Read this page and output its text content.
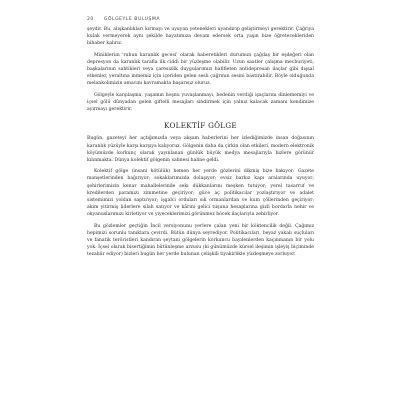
20 GÖLGEYLE BULUŞMA

şeydir. Bu, alışkanlıkları kırmayı ve uyuyan yetenekleri uyandırıp geliştirmeyi gerektirir. Çağrıya kulak vermeyerek aynı şekilde hayatımıza devam edersek orta yaşın bize öğretecekleriden bihaber kalırız.

Minikleriın 'ruhun karanlık gecesi' olarak haberetikleri durumun çağdaş bir eşdeğeri olan depresyon da karanlık tarafla ilk ciddi bir yüzleşme olabilir. Uzun saatler çalışma mecburiyeti, başkalarının sahtikleri veya çaresizlik duygularımızı hafifleten antidepresan ilaçlar gibi dışsal etkenler, yeraltına inmemiz için içeriden gelen sesli çağrının sesini bastırabilir. Böyle olduğunda melankolimizin amacını kavramakta başarısız oluruz.

Gölgeyle karşılaşma, yaşamın hoşnu yuvaşlanmayı, bedenin verdiği işaçlarını dinlememiyi ve içsel gölü dünyadan gelen giftelli mesajları sindirmek için yalnız kalacak zamanı kendimize ayırmayı gerektirir.

KOLEKTİF GÖLGE

Bugün, gazeteyi her açtığımızda veya akşam haberlerini her izlediğimizde insan doğasının karanlık yüzüyle karşı karşıya kalıyoruz. Gölgenin daha da çirkin olan etkileri, modern elektronik köyümüzde korkunç olarak yayınlanan günlük büyük medya mesajlarıyla bizlere görünür kılınmakta. Dünya kolektif gölgenin sahnesi haline geldi.

Kolektif gölge (insani kötülük) hemen her yerde gözlerini dikmiş bize bakıyor: Gazete manşetlerinden bağırıyor; sokaklarımızda dolaşıyor; evsiz barkız kapı aralarında uyuyor; şehirlerimizin kenar mahallelerinde sekı dükkanlarını meşken tutuyor; yerel tasarruf ve kredilerden paramızı zimmetine geçiriyor; güce aç politikacılar yozlaştırıyor ve adalet sistemimizi yoldan saptırıyor; işgalci orduları sık ormanlardan ve kum çöllerinden geçiriyor; akim yitirmiş liderlere silah satıyor ve kârını gelici tuşuna hesaplarına gizli bordarla nehir ve okyanuslarımızı kirletiyor ve yiyeceklerimizi görünmez böcek ilaçlarıyla zehirliyor.

Bu gözlemler geçtiğin İncil versiyonunu yerlere çalan yeni bir köktencilik değil. Çağımız hepimizi sorunlu tanıklara çevirdi. Bütün dünya seyrediyor. Politikacıları, beyaz yakalı suçluları ve fanatik teröristleri kandıran şeytani gölgelerin korkuncu bayılenlerden kaçınmanın bir yolu yok. İçsel olarak bisertiğimin bütünleşme arzusu (ki günümüzde kürsel ileşimin işleyiş biçiminde tezahür ediyor) bizleri bugün her yerde bulunan çelişkili tiyakirlikle yüzleşmeye zorluyor.
